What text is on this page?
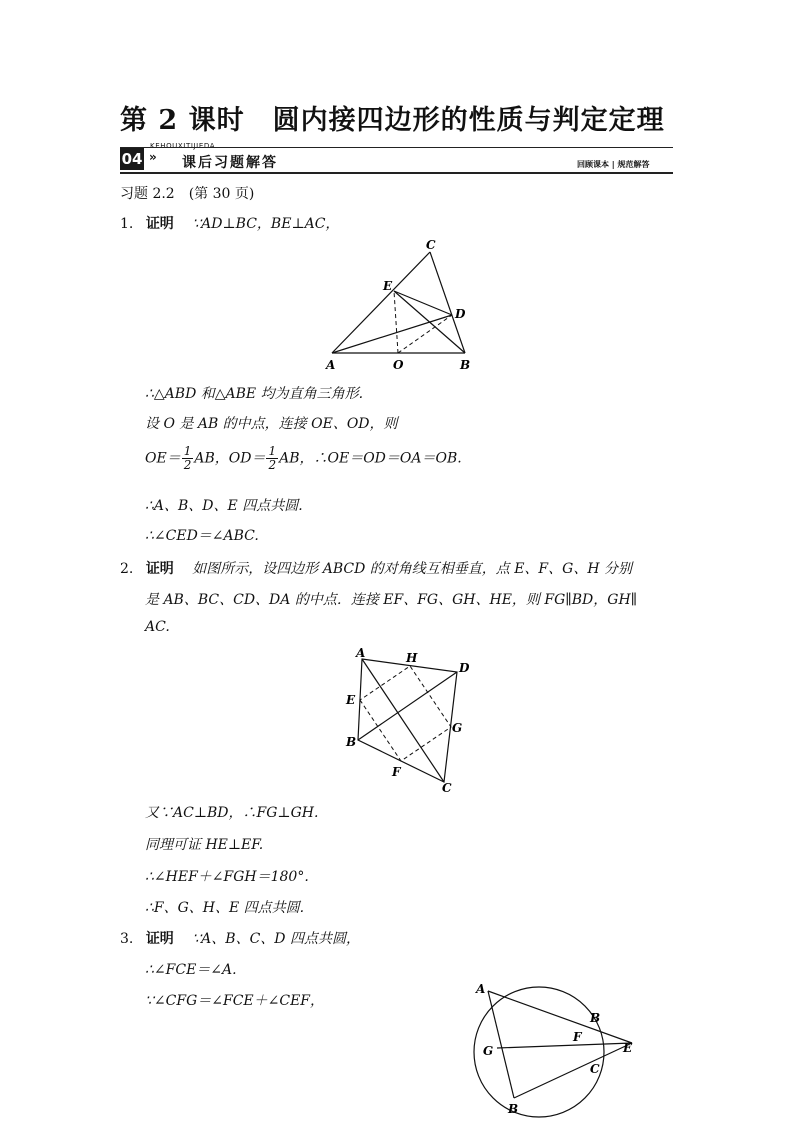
第 2 课时　圆内接四边形的性质与判定定理
KEHOUXITIJIEDA
04 » 课后习题解答	回顾课本 | 规范解答
习题 2.2　(第 30 页)
1. 证明 ∵AD⊥BC，BE⊥AC，
C
E
D
A	O	B
∴△ABD 和△ABE 均为直角三角形.
设 O 是 AB 的中点，连接 OE、OD，则
$OE= \frac{1}{2}$ AB，$OD= \frac{1}{2}$ AB，∴OE＝OD＝OA＝OB.
∴A、B、D、E 四点共圆.
∴∠CED＝∠ABC.
2. 证明 如图所示，设四边形 ABCD 的对角线互相垂直，点 E、F、G、H 分别
是 AB、BC、CD、DA 的中点．连接 EF、FG、GH、HE，则 FG∥BD，GH∥
AC.
A	H
D
E
G
B
F
C
又∵AC⊥BD，∴FG⊥GH.
同理可证 HE⊥EF.
∴∠HEF＋∠FGH＝180°.
∴F、G、H、E 四点共圆.
3. 证明 ∵A、B、C、D 四点共圆，
∴∠FCE＝∠A.
∵∠CFG＝∠FCE＋∠CEF，
A
B
F
E
G
C
B
